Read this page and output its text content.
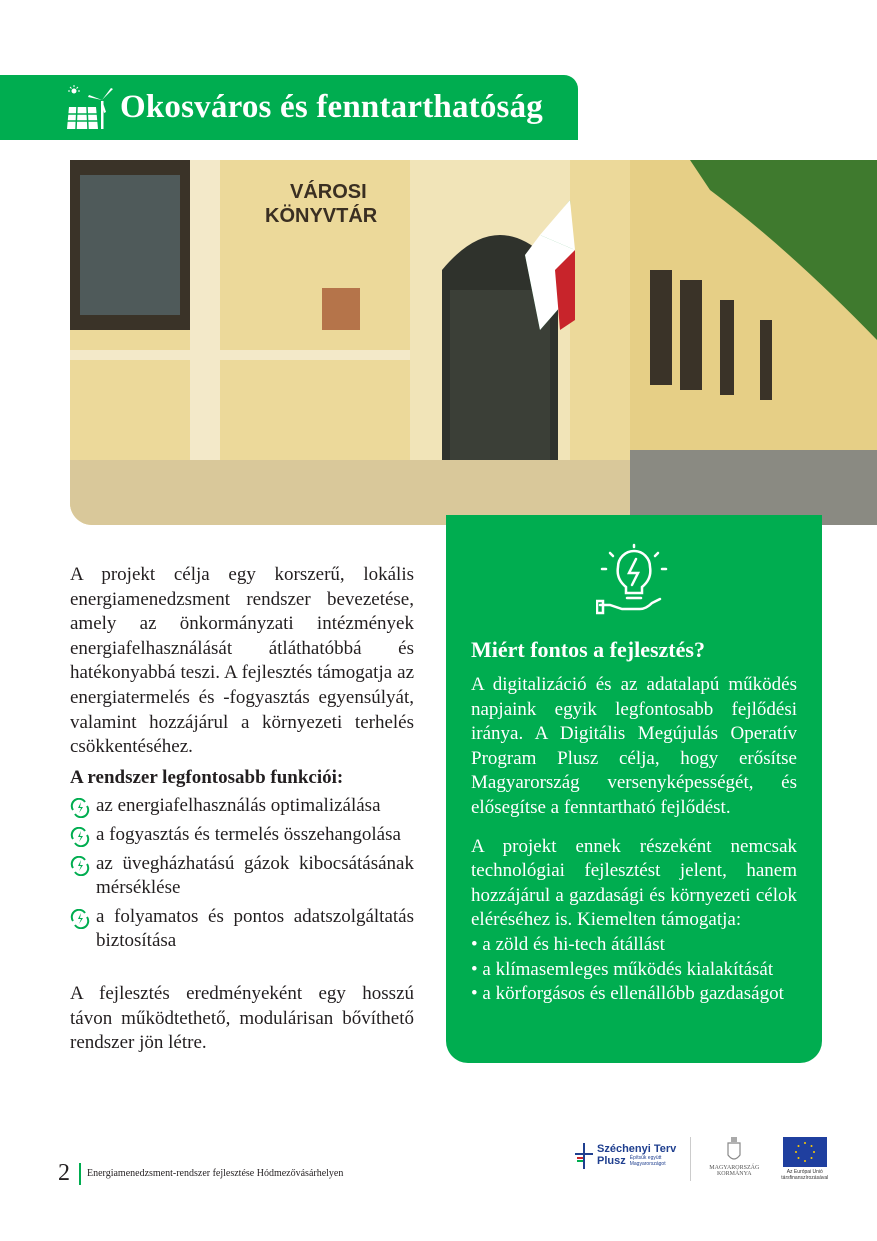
Okosváros és fenntarthatóság
VÁROSI
KÖNYVTÁR

A projekt célja egy korszerű, lokális energiamenedzsment rendszer bevezetése, amely az önkormányzati intézmények energiafelhasználását átláthatóbbá és hatékonyabbá teszi. A fejlesztés támogatja az energiatermelés és -fogyasztás egyensúlyát, valamint hozzájárul a környezeti terhelés csökkentéséhez.

A rendszer legfontosabb funkciói:
az energiafelhasználás optimalizálása
a fogyasztás és termelés összehangolása
az üvegházhatású gázok kibocsátásának mérséklése
a folyamatos és pontos adatszolgáltatás biztosítása

A fejlesztés eredményeként egy hosszú távon működtethető, modulárisan bővíthető rendszer jön létre.

Miért fontos a fejlesztés?

A digitalizáció és az adatalapú működés napjaink egyik legfontosabb fejlődési iránya. A Digitális Megújulás Operatív Program Plusz célja, hogy erősítse Magyarország versenyképességét, és elősegítse a fenntartható fejlődést.

A projekt ennek részeként nemcsak technológiai fejlesztést jelent, hanem hozzájárul a gazdasági és környezeti célok eléréséhez is. Kiemelten támogatja:

• a zöld és hi-tech átállást
• a klímasemleges működés kialakítását
• a körforgásos és ellenállóbb gazdaságot
2 Energiamenedzsment-rendszer fejlesztése Hódmezővásárhelyen
Széchenyi Terv
Plusz Építsük együtt Magyarországot
MAGYARORSZÁG
KORMÁNYA	Az Európai Unió
társfinanszírozásával
